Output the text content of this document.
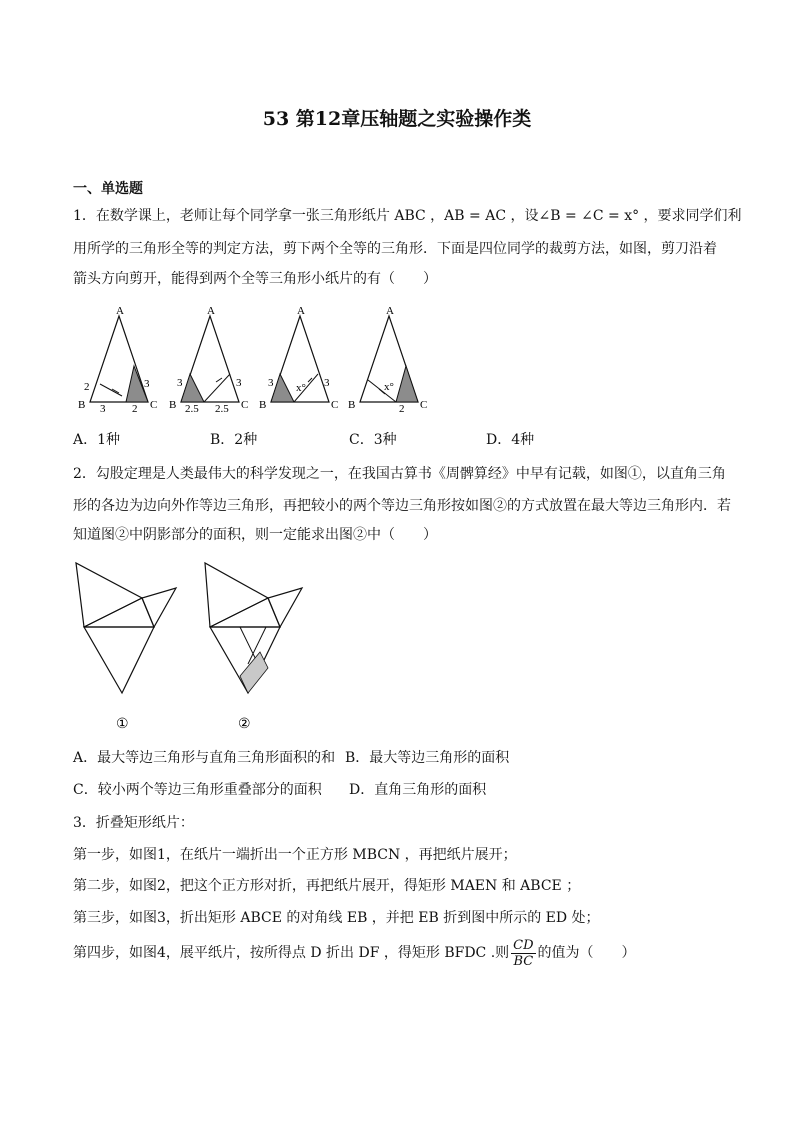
53 第12章压轴题之实验操作类
一、单选题
1．在数学课上，老师让每个同学拿一张三角形纸片 ABC ，AB = AC ，设∠B = ∠C = x° ，要求同学们利
用所学的三角形全等的判定方法，剪下两个全等的三角形．下面是四位同学的裁剪方法，如图，剪刀沿着
箭头方向剪开，能得到两个全等三角形小纸片的有（　　）
A
B	C
2	3
3 2
A
B	C
3	3
2.5 2.5
A
B	C
3	3
x°
A
B	C
x°
2
A．1种	B．2种	C．3种	D．4种
2．勾股定理是人类最伟大的科学发现之一，在我国古算书《周髀算经》中早有记载，如图①，以直角三角
形的各边为边向外作等边三角形，再把较小的两个等边三角形按如图②的方式放置在最大等边三角形内．若
知道图②中阴影部分的面积，则一定能求出图②中（　　）
①	②
A．最大等边三角形与直角三角形面积的和 B．最大等边三角形的面积
C．较小两个等边三角形重叠部分的面积 D．直角三角形的面积
3．折叠矩形纸片：
第一步，如图1，在纸片一端折出一个正方形 MBCN ，再把纸片展开；
第二步，如图2，把这个正方形对折，再把纸片展开，得矩形 MAEN 和 ABCE ；
第三步，如图3，折出矩形 ABCE 的对角线 EB ，并把 EB 折到图中所示的 ED 处；
第四步，如图4，展平纸片，按所得点 D 折出 DF ，得矩形 BFDC .则 $\frac{CD}{BC}$ 的值为（　　）
